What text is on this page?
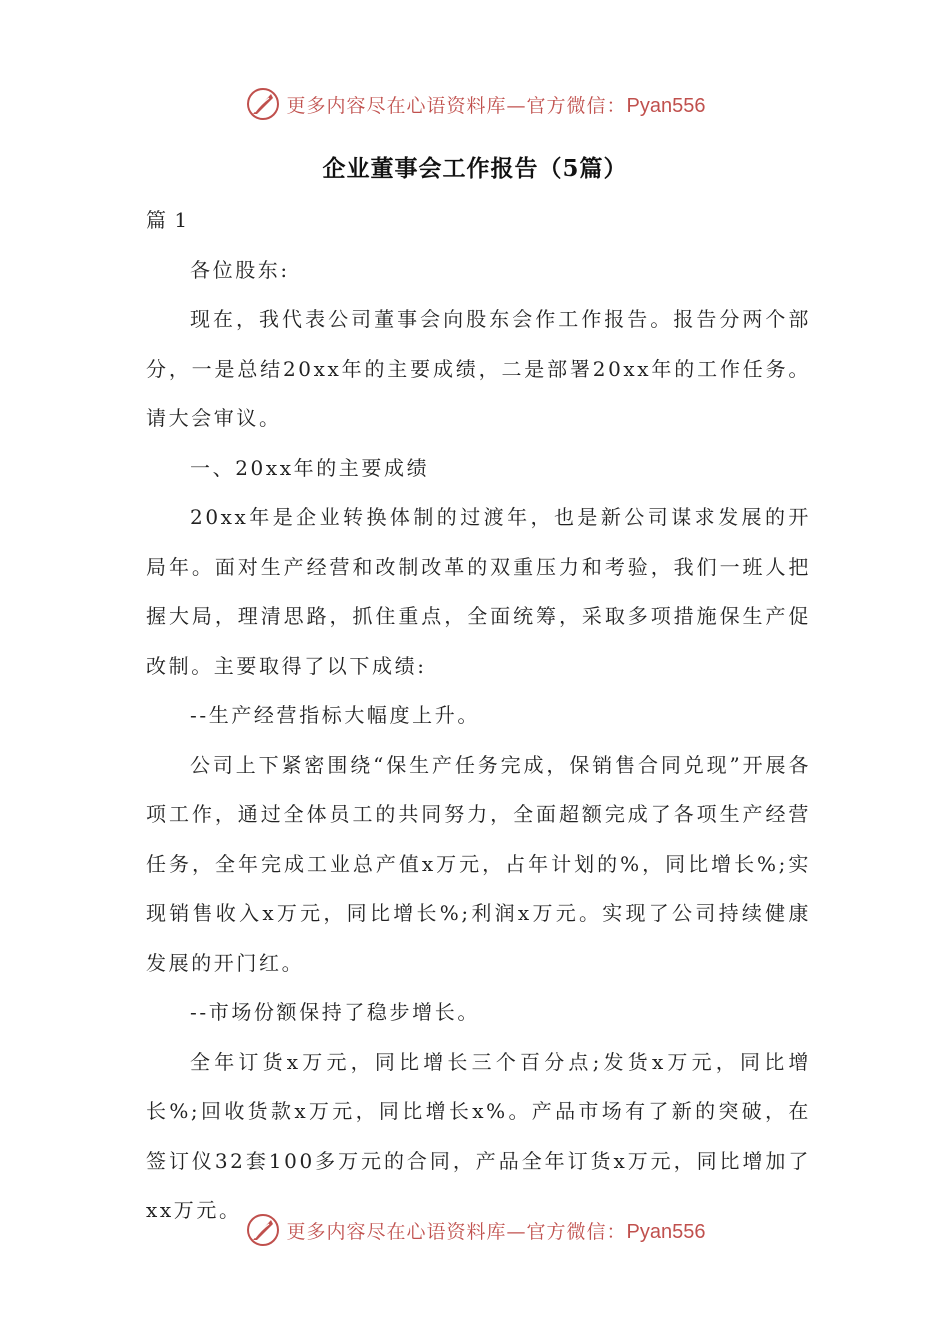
更多内容尽在心语资料库—官方微信：Pyan556
企业董事会工作报告（5篇）

篇 1

各位股东:

现在，我代表公司董事会向股东会作工作报告。报告分两个部分，一是总结20xx年的主要成绩，二是部署20xx年的工作任务。请大会审议。

一、20xx年的主要成绩

20xx年是企业转换体制的过渡年，也是新公司谋求发展的开局年。面对生产经营和改制改革的双重压力和考验，我们一班人把握大局，理清思路，抓住重点，全面统筹，采取多项措施保生产促改制。主要取得了以下成绩:

--生产经营指标大幅度上升。

公司上下紧密围绕“保生产任务完成，保销售合同兑现”开展各项工作，通过全体员工的共同努力，全面超额完成了各项生产经营任务，全年完成工业总产值x万元，占年计划的%，同比增长%;实现销售收入x万元，同比增长%;利润x万元。实现了公司持续健康发展的开门红。

--市场份额保持了稳步增长。

全年订货x万元，同比增长三个百分点;发货x万元，同比增长%;回收货款x万元，同比增长x%。产品市场有了新的突破，在签订仪32套100多万元的合同，产品全年订货x万元，同比增加了xx万元。

更多内容尽在心语资料库—官方微信：Pyan556
